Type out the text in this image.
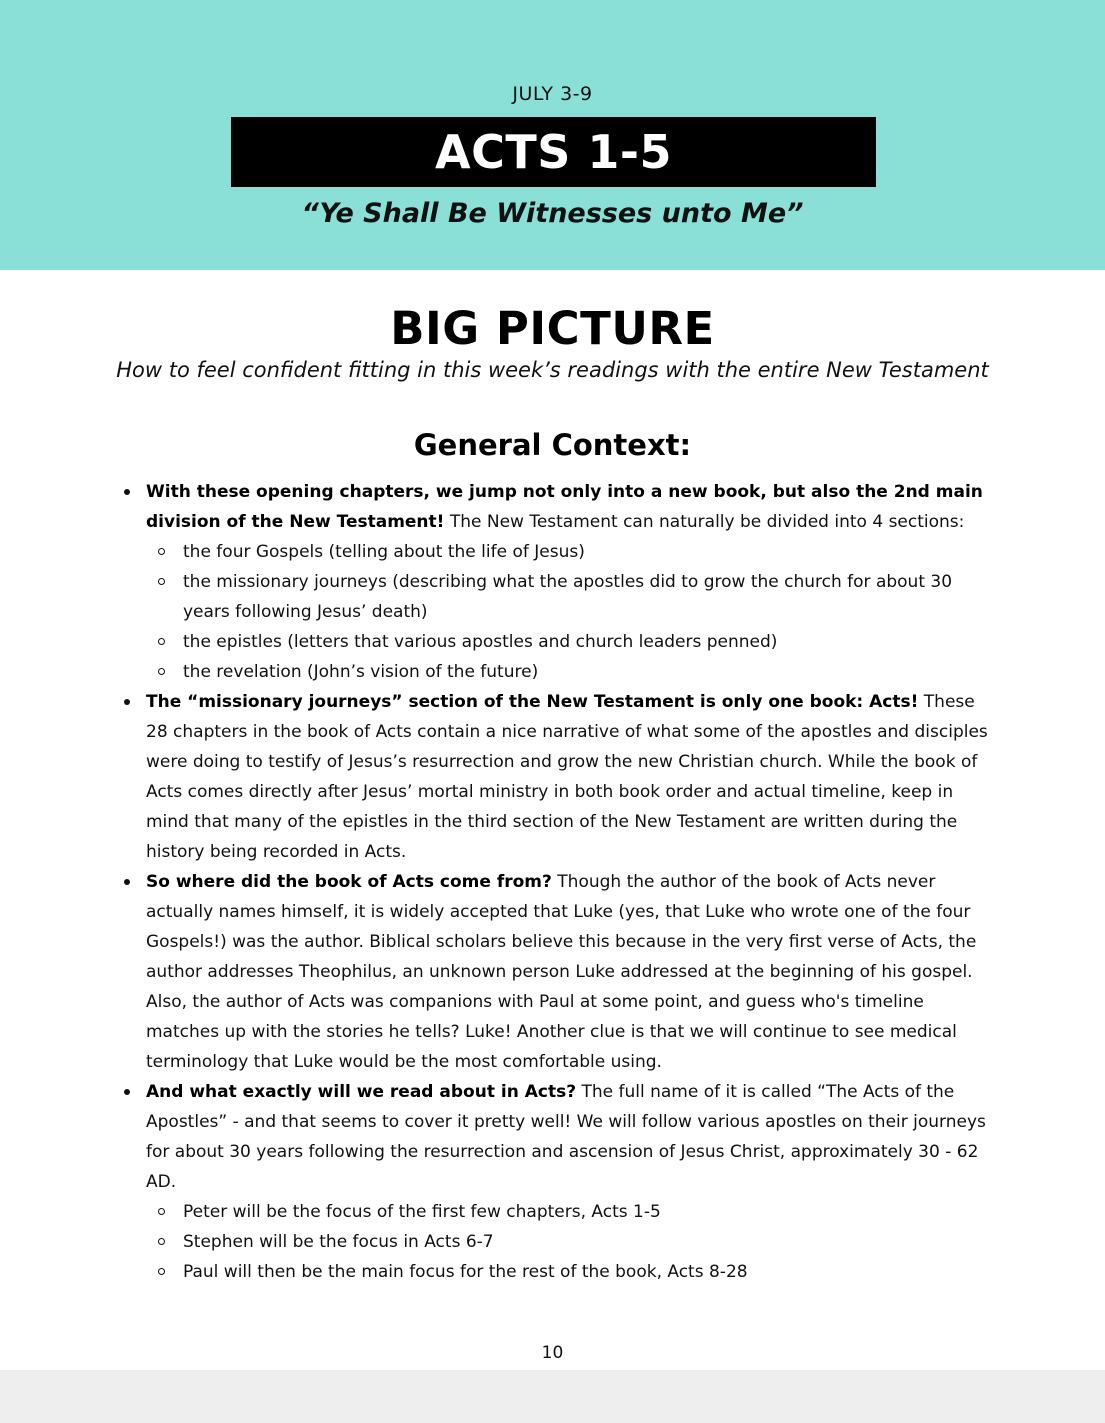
JULY 3-9
ACTS 1-5
“Ye Shall Be Witnesses unto Me”
BIG PICTURE
How to feel confident fitting in this week’s readings with the entire New Testament
General Context:
With these opening chapters, we jump not only into a new book, but also the 2nd main division of the New Testament! The New Testament can naturally be divided into 4 sections:
the four Gospels (telling about the life of Jesus)
the missionary journeys (describing what the apostles did to grow the church for about 30 years following Jesus’ death)
the epistles (letters that various apostles and church leaders penned)
the revelation (John’s vision of the future)
The “missionary journeys” section of the New Testament is only one book: Acts! These 28 chapters in the book of Acts contain a nice narrative of what some of the apostles and disciples were doing to testify of Jesus’s resurrection and grow the new Christian church. While the book of Acts comes directly after Jesus’ mortal ministry in both book order and actual timeline, keep in mind that many of the epistles in the third section of the New Testament are written during the history being recorded in Acts.
So where did the book of Acts come from? Though the author of the book of Acts never actually names himself, it is widely accepted that Luke (yes, that Luke who wrote one of the four Gospels!) was the author. Biblical scholars believe this because in the very first verse of Acts, the author addresses Theophilus, an unknown person Luke addressed at the beginning of his gospel. Also, the author of Acts was companions with Paul at some point, and guess who's timeline matches up with the stories he tells? Luke! Another clue is that we will continue to see medical terminology that Luke would be the most comfortable using.
And what exactly will we read about in Acts? The full name of it is called “The Acts of the Apostles” - and that seems to cover it pretty well! We will follow various apostles on their journeys for about 30 years following the resurrection and ascension of Jesus Christ, approximately 30 - 62 AD.
Peter will be the focus of the first few chapters, Acts 1-5
Stephen will be the focus in Acts 6-7
Paul will then be the main focus for the rest of the book, Acts 8-28
10
